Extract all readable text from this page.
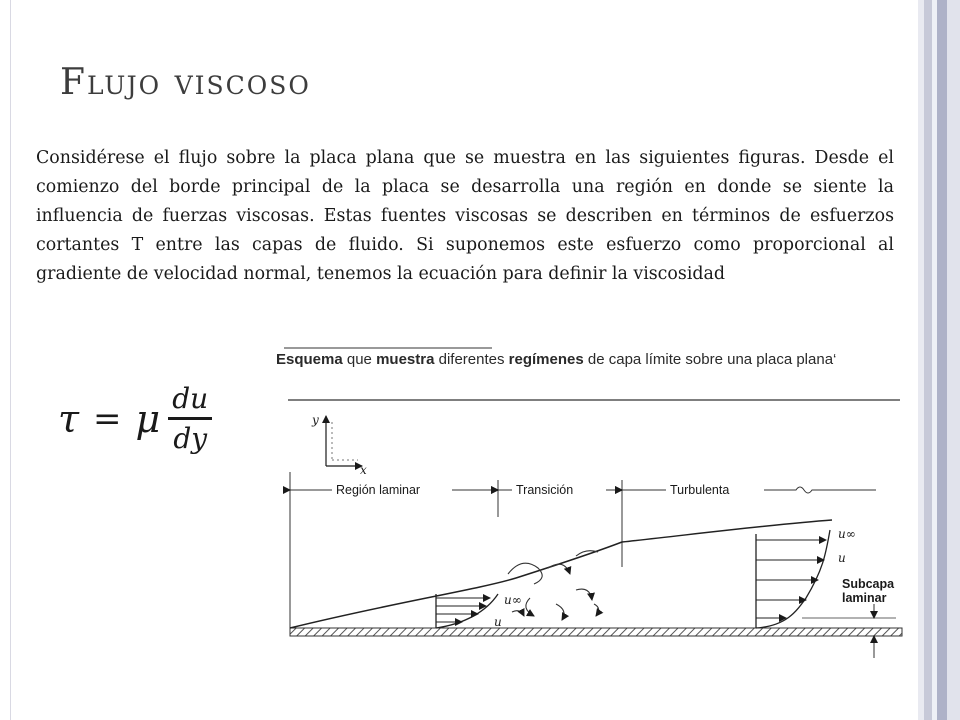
Flujo viscoso
Considérese el flujo sobre la placa plana que se muestra en las siguientes figuras. Desde el comienzo del borde principal de la placa se desarrolla una región en donde se siente la influencia de fuerzas viscosas. Estas fuentes viscosas se describen en términos de esfuerzos cortantes T entre las capas de fluido. Si suponemos este esfuerzo como proporcional al gradiente de velocidad normal, tenemos la ecuación para definir la viscosidad
τ = μ $\frac{du}{dy}$
Esquema que muestra diferentes regímenes de capa límite sobre una placa plana‘
y
x
Región laminar	Transición	Turbulenta
u∞
u
u∞
u
Subcapa
laminar
